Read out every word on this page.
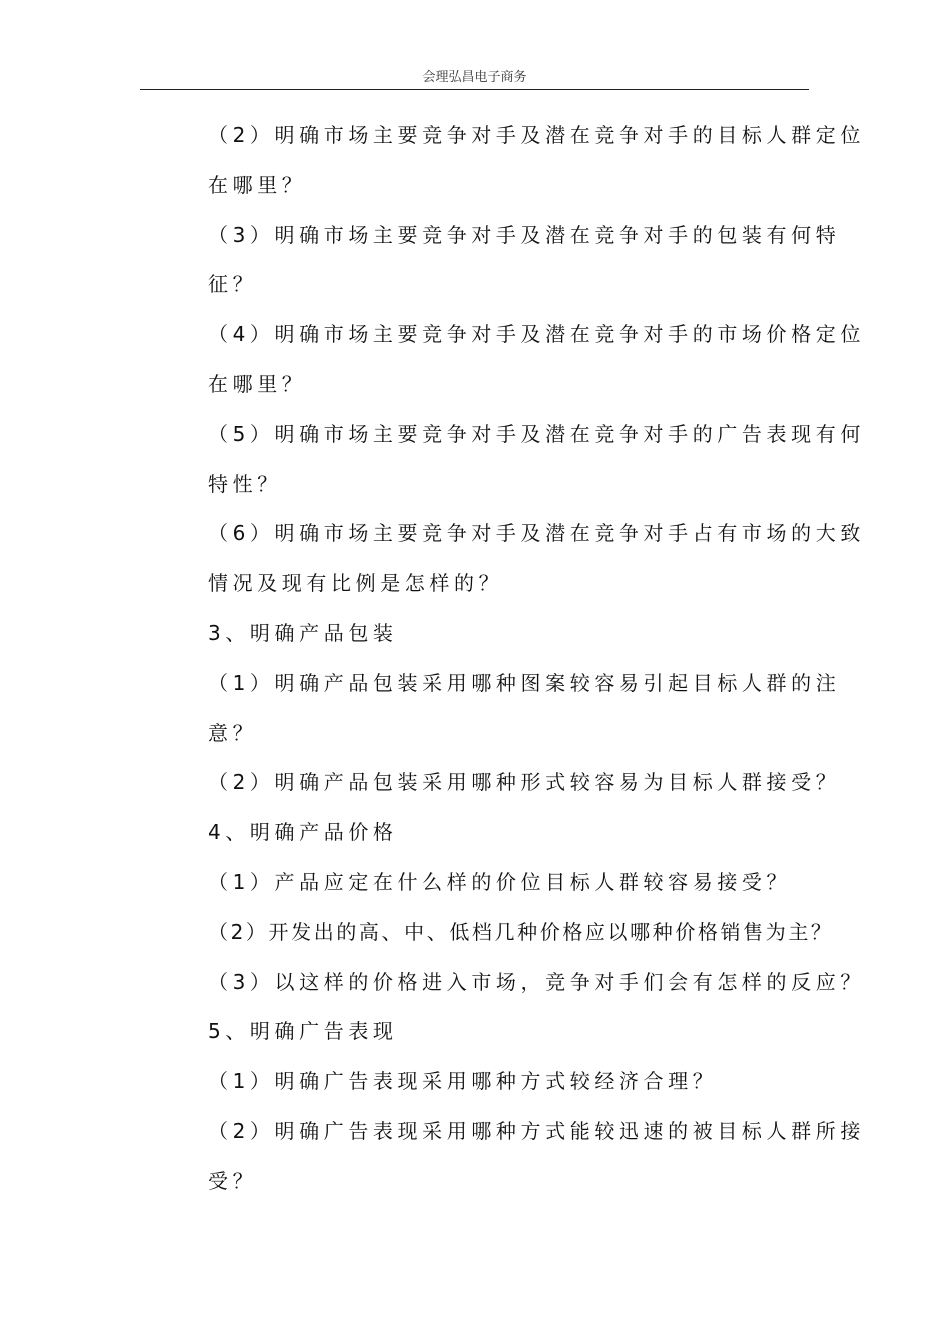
会理弘昌电子商务
（2）明确市场主要竞争对手及潜在竞争对手的目标人群定位
在哪里？
（3）明确市场主要竞争对手及潜在竞争对手的包装有何特
征？
（4）明确市场主要竞争对手及潜在竞争对手的市场价格定位
在哪里？
（5）明确市场主要竞争对手及潜在竞争对手的广告表现有何
特性？
（6）明确市场主要竞争对手及潜在竞争对手占有市场的大致
情况及现有比例是怎样的？
3、明确产品包装
（1）明确产品包装采用哪种图案较容易引起目标人群的注
意？
（2）明确产品包装采用哪种形式较容易为目标人群接受？
4、明确产品价格
（1）产品应定在什么样的价位目标人群较容易接受？
（2）开发出的高、中、低档几种价格应以哪种价格销售为主？
（3）以这样的价格进入市场，竞争对手们会有怎样的反应？
5、明确广告表现
（1）明确广告表现采用哪种方式较经济合理？
（2）明确广告表现采用哪种方式能较迅速的被目标人群所接
受？
